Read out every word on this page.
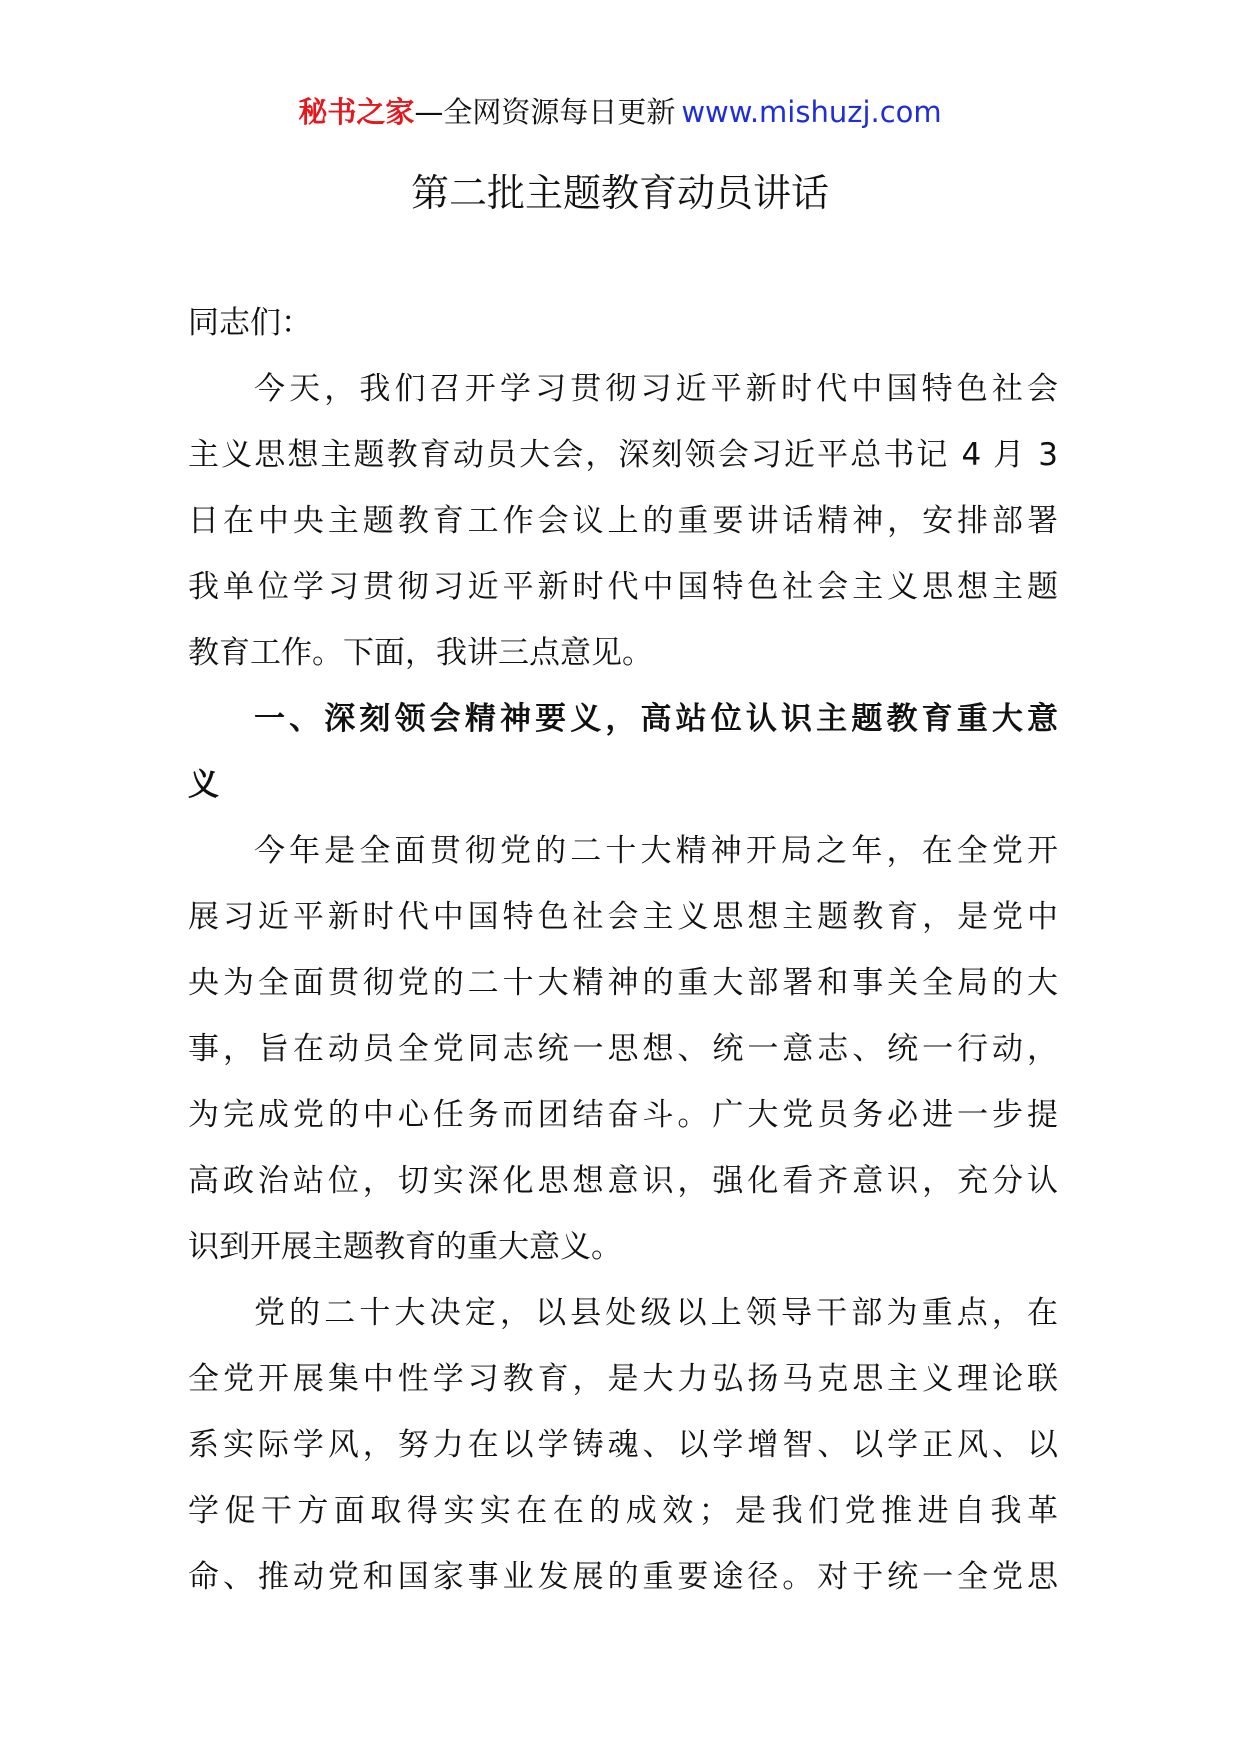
秘书之家—全网资源每日更新 www.mishuzj.com
第二批主题教育动员讲话
同志们：
今天，我们召开学习贯彻习近平新时代中国特色社会
主义思想主题教育动员大会，深刻领会习近平总书记 4 月 3
日在中央主题教育工作会议上的重要讲话精神，安排部署
我单位学习贯彻习近平新时代中国特色社会主义思想主题
教育工作。下面，我讲三点意见。
一、深刻领会精神要义，高站位认识主题教育重大意
义
今年是全面贯彻党的二十大精神开局之年，在全党开
展习近平新时代中国特色社会主义思想主题教育，是党中
央为全面贯彻党的二十大精神的重大部署和事关全局的大
事，旨在动员全党同志统一思想、统一意志、统一行动，
为完成党的中心任务而团结奋斗。广大党员务必进一步提
高政治站位，切实深化思想意识，强化看齐意识，充分认
识到开展主题教育的重大意义。
党的二十大决定，以县处级以上领导干部为重点，在
全党开展集中性学习教育，是大力弘扬马克思主义理论联
系实际学风，努力在以学铸魂、以学增智、以学正风、以
学促干方面取得实实在在的成效；是我们党推进自我革
命、推动党和国家事业发展的重要途径。对于统一全党思
